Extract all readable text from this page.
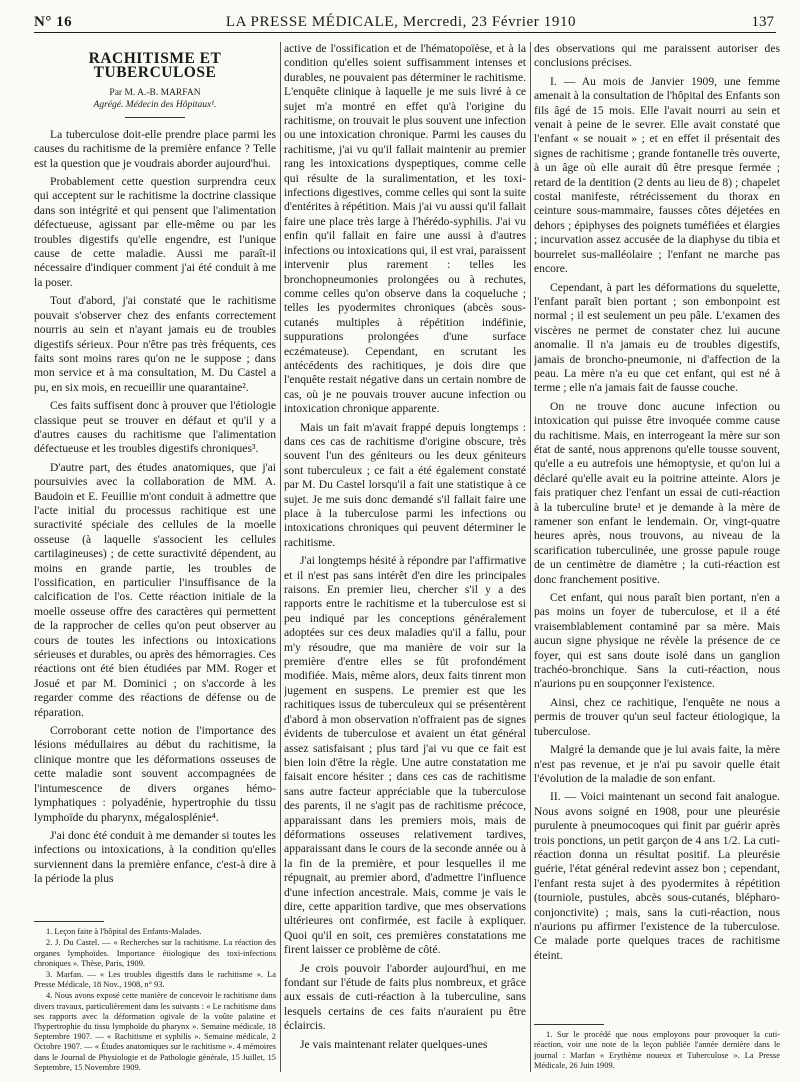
N° 16	LA PRESSE MÉDICALE, Mercredi, 23 Février 1910	137
RACHITISME ET TUBERCULOSE
Par M. A.-B. MARFAN
Agrégé. Médecin des Hôpitaux¹.

La tuberculose doit-elle prendre place parmi les causes du rachitisme de la première enfance ? Telle est la question que je voudrais aborder aujourd'hui.

Probablement cette question surprendra ceux qui acceptent sur le rachitisme la doctrine classique dans son intégrité et qui pensent que l'alimentation défectueuse, agissant par elle-même ou par les troubles digestifs qu'elle engendre, est l'unique cause de cette maladie. Aussi me paraît-il nécessaire d'indiquer comment j'ai été conduit à me la poser.

Tout d'abord, j'ai constaté que le rachitisme pouvait s'observer chez des enfants correctement nourris au sein et n'ayant jamais eu de troubles digestifs sérieux. Pour n'être pas très fréquents, ces faits sont moins rares qu'on ne le suppose ; dans mon service et à ma consultation, M. Du Castel a pu, en six mois, en recueillir une quarantaine².

Ces faits suffisent donc à prouver que l'étiologie classique peut se trouver en défaut et qu'il y a d'autres causes du rachitisme que l'alimentation défectueuse et les troubles digestifs chroniques³.

D'autre part, des études anatomiques, que j'ai poursuivies avec la collaboration de MM. A. Baudoin et E. Feuillie m'ont conduit à admettre que l'acte initial du processus rachitique est une suractivité spéciale des cellules de la moelle osseuse (à laquelle s'associent les cellules cartilagineuses) ; de cette suractivité dépendent, au moins en grande partie, les troubles de l'ossification, en particulier l'insuffisance de la calcification de l'os. Cette réaction initiale de la moelle osseuse offre des caractères qui permettent de la rapprocher de celles qu'on peut observer au cours de toutes les infections ou intoxications sérieuses et durables, ou après des hémorragies. Ces réactions ont été bien étudiées par MM. Roger et Josué et par M. Dominici ; on s'accorde à les regarder comme des réactions de défense ou de réparation.

Corroborant cette notion de l'importance des lésions médullaires au début du rachitisme, la clinique montre que les déformations osseuses de cette maladie sont souvent accompagnées de l'intumescence de divers organes hémo-lymphatiques : polyadénie, hypertrophie du tissu lymphoïde du pharynx, mégalosplénie⁴.

J'ai donc été conduit à me demander si toutes les infections ou intoxications, à la condition qu'elles surviennent dans la première enfance, c'est-à dire à la période la plus

1. Leçon faite à l'hôpital des Enfants-Malades.
2. J. Du Castel. — « Recherches sur la rachitisme. La réaction des organes lymphoïdes. Importance étiologique des toxi-infections chroniques ». Thèse, Paris, 1909.
3. Marfan. — « Les troubles digestifs dans le rachitisme ». La Presse Médicale, 18 Nov., 1908, n° 93.
4. Nous avons exposé cette manière de concevoir le rachitisme dans divers travaux, particulièrement dans les suivants : « Le rachitisme dans ses rapports avec la déformation ogivale de la voûte palatine et l'hypertrophie du tissu lymphoïde du pharynx ». Semaine médicale, 18 Septembre 1907. — « Rachitisme et syphilis ». Semaine médicale, 2 Octobre 1907. — « Études anatomiques sur le rachitisme ». 4 mémoires dans le Journal de Physiologie et de Pathologie générale, 15 Juillet, 15 Septembre, 15 Novembre 1909.

active de l'ossification et de l'hématopoïèse, et à la condition qu'elles soient suffisamment intenses et durables, ne pouvaient pas déterminer le rachitisme. L'enquête clinique à laquelle je me suis livré à ce sujet m'a montré en effet qu'à l'origine du rachitisme, on trouvait le plus souvent une infection ou une intoxication chronique. Parmi les causes du rachitisme, j'ai vu qu'il fallait maintenir au premier rang les intoxications dyspeptiques, comme celle qui résulte de la suralimentation, et les toxi-infections digestives, comme celles qui sont la suite d'entérites à répétition. Mais j'ai vu aussi qu'il fallait faire une place très large à l'hérédo-syphilis. J'ai vu enfin qu'il fallait en faire une aussi à d'autres infections ou intoxications qui, il est vrai, paraissent intervenir plus rarement : telles les bronchopneumonies prolongées ou à rechutes, comme celles qu'on observe dans la coqueluche ; telles les pyodermites chroniques (abcès sous-cutanés multiples à répétition indéfinie, suppurations prolongées d'une surface eczémateuse). Cependant, en scrutant les antécédents des rachitiques, je dois dire que l'enquête restait négative dans un certain nombre de cas, où je ne pouvais trouver aucune infection ou intoxication chronique apparente.

Mais un fait m'avait frappé depuis longtemps : dans ces cas de rachitisme d'origine obscure, très souvent l'un des géniteurs ou les deux géniteurs sont tuberculeux ; ce fait a été également constaté par M. Du Castel lorsqu'il a fait une statistique à ce sujet. Je me suis donc demandé s'il fallait faire une place à la tuberculose parmi les infections ou intoxications chroniques qui peuvent déterminer le rachitisme.

J'ai longtemps hésité à répondre par l'affirmative et il n'est pas sans intérêt d'en dire les principales raisons. En premier lieu, chercher s'il y a des rapports entre le rachitisme et la tuberculose est si peu indiqué par les conceptions généralement adoptées sur ces deux maladies qu'il a fallu, pour m'y résoudre, que ma manière de voir sur la première d'entre elles se fût profondément modifiée. Mais, même alors, deux faits tinrent mon jugement en suspens. Le premier est que les rachitiques issus de tuberculeux qui se présentèrent d'abord à mon observation n'offraient pas de signes évidents de tuberculose et avaient un état général assez satisfaisant ; plus tard j'ai vu que ce fait est bien loin d'être la règle. Une autre constatation me faisait encore hésiter ; dans ces cas de rachitisme sans autre facteur appréciable que la tuberculose des parents, il ne s'agit pas de rachitisme précoce, apparaissant dans les premiers mois, mais de déformations osseuses relativement tardives, apparaissant dans le cours de la seconde année ou à la fin de la première, et pour lesquelles il me répugnait, au premier abord, d'admettre l'influence d'une infection ancestrale. Mais, comme je vais le dire, cette apparition tardive, que mes observations ultérieures ont confirmée, est facile à expliquer. Quoi qu'il en soit, ces premières constatations me firent laisser ce problème de côté.

Je crois pouvoir l'aborder aujourd'hui, en me fondant sur l'étude de faits plus nombreux, et grâce aux essais de cuti-réaction à la tuberculine, sans lesquels certains de ces faits n'auraient pu être éclaircis.

Je vais maintenant relater quelques-unes

des observations qui me paraissent autoriser des conclusions précises.

I. — Au mois de Janvier 1909, une femme amenait à la consultation de l'hôpital des Enfants son fils âgé de 15 mois. Elle l'avait nourri au sein et venait à peine de le sevrer. Elle avait constaté que l'enfant « se nouait » ; et en effet il présentait des signes de rachitisme ; grande fontanelle très ouverte, à un âge où elle aurait dû être presque fermée ; retard de la dentition (2 dents au lieu de 8) ; chapelet costal manifeste, rétrécissement du thorax en ceinture sous-mammaire, fausses côtes déjetées en dehors ; épiphyses des poignets tuméfiées et élargies ; incurvation assez accusée de la diaphyse du tibia et bourrelet sus-malléolaire ; l'enfant ne marche pas encore.

Cependant, à part les déformations du squelette, l'enfant paraît bien portant ; son embonpoint est normal ; il est seulement un peu pâle. L'examen des viscères ne permet de constater chez lui aucune anomalie. Il n'a jamais eu de troubles digestifs, jamais de broncho-pneumonie, ni d'affection de la peau. La mère n'a eu que cet enfant, qui est né à terme ; elle n'a jamais fait de fausse couche.

On ne trouve donc aucune infection ou intoxication qui puisse être invoquée comme cause du rachitisme. Mais, en interrogeant la mère sur son état de santé, nous apprenons qu'elle tousse souvent, qu'elle a eu autrefois une hémoptysie, et qu'on lui a déclaré qu'elle avait eu la poitrine atteinte. Alors je fais pratiquer chez l'enfant un essai de cuti-réaction à la tuberculine brute¹ et je demande à la mère de ramener son enfant le lendemain. Or, vingt-quatre heures après, nous trouvons, au niveau de la scarification tuberculinée, une grosse papule rouge de un centimètre de diamètre ; la cuti-réaction est donc franchement positive.

Cet enfant, qui nous paraît bien portant, n'en a pas moins un foyer de tuberculose, et il a été vraisemblablement contaminé par sa mère. Mais aucun signe physique ne révèle la présence de ce foyer, qui est sans doute isolé dans un ganglion trachéo-bronchique. Sans la cuti-réaction, nous n'aurions pu en soupçonner l'existence.

Ainsi, chez ce rachitique, l'enquête ne nous a permis de trouver qu'un seul facteur étiologique, la tuberculose.

Malgré la demande que je lui avais faite, la mère n'est pas revenue, et je n'ai pu savoir quelle était l'évolution de la maladie de son enfant.

II. — Voici maintenant un second fait analogue. Nous avons soigné en 1908, pour une pleurésie purulente à pneumocoques qui finit par guérir après trois ponctions, un petit garçon de 4 ans 1/2. La cuti-réaction donna un résultat positif. La pleurésie guérie, l'état général redevint assez bon ; cependant, l'enfant resta sujet à des pyodermites à répétition (tourniole, pustules, abcès sous-cutanés, blépharo-conjonctivite) ; mais, sans la cuti-réaction, nous n'aurions pu affirmer l'existence de la tuberculose. Ce malade porte quelques traces de rachitisme éteint.

1. Sur le procédé que nous employons pour provoquer la cuti-réaction, voir une note de la leçon publiée l'année dernière dans le journal : Marfan « Erythème noueux et Tuberculose ». La Presse Médicale, 26 Juin 1909.
